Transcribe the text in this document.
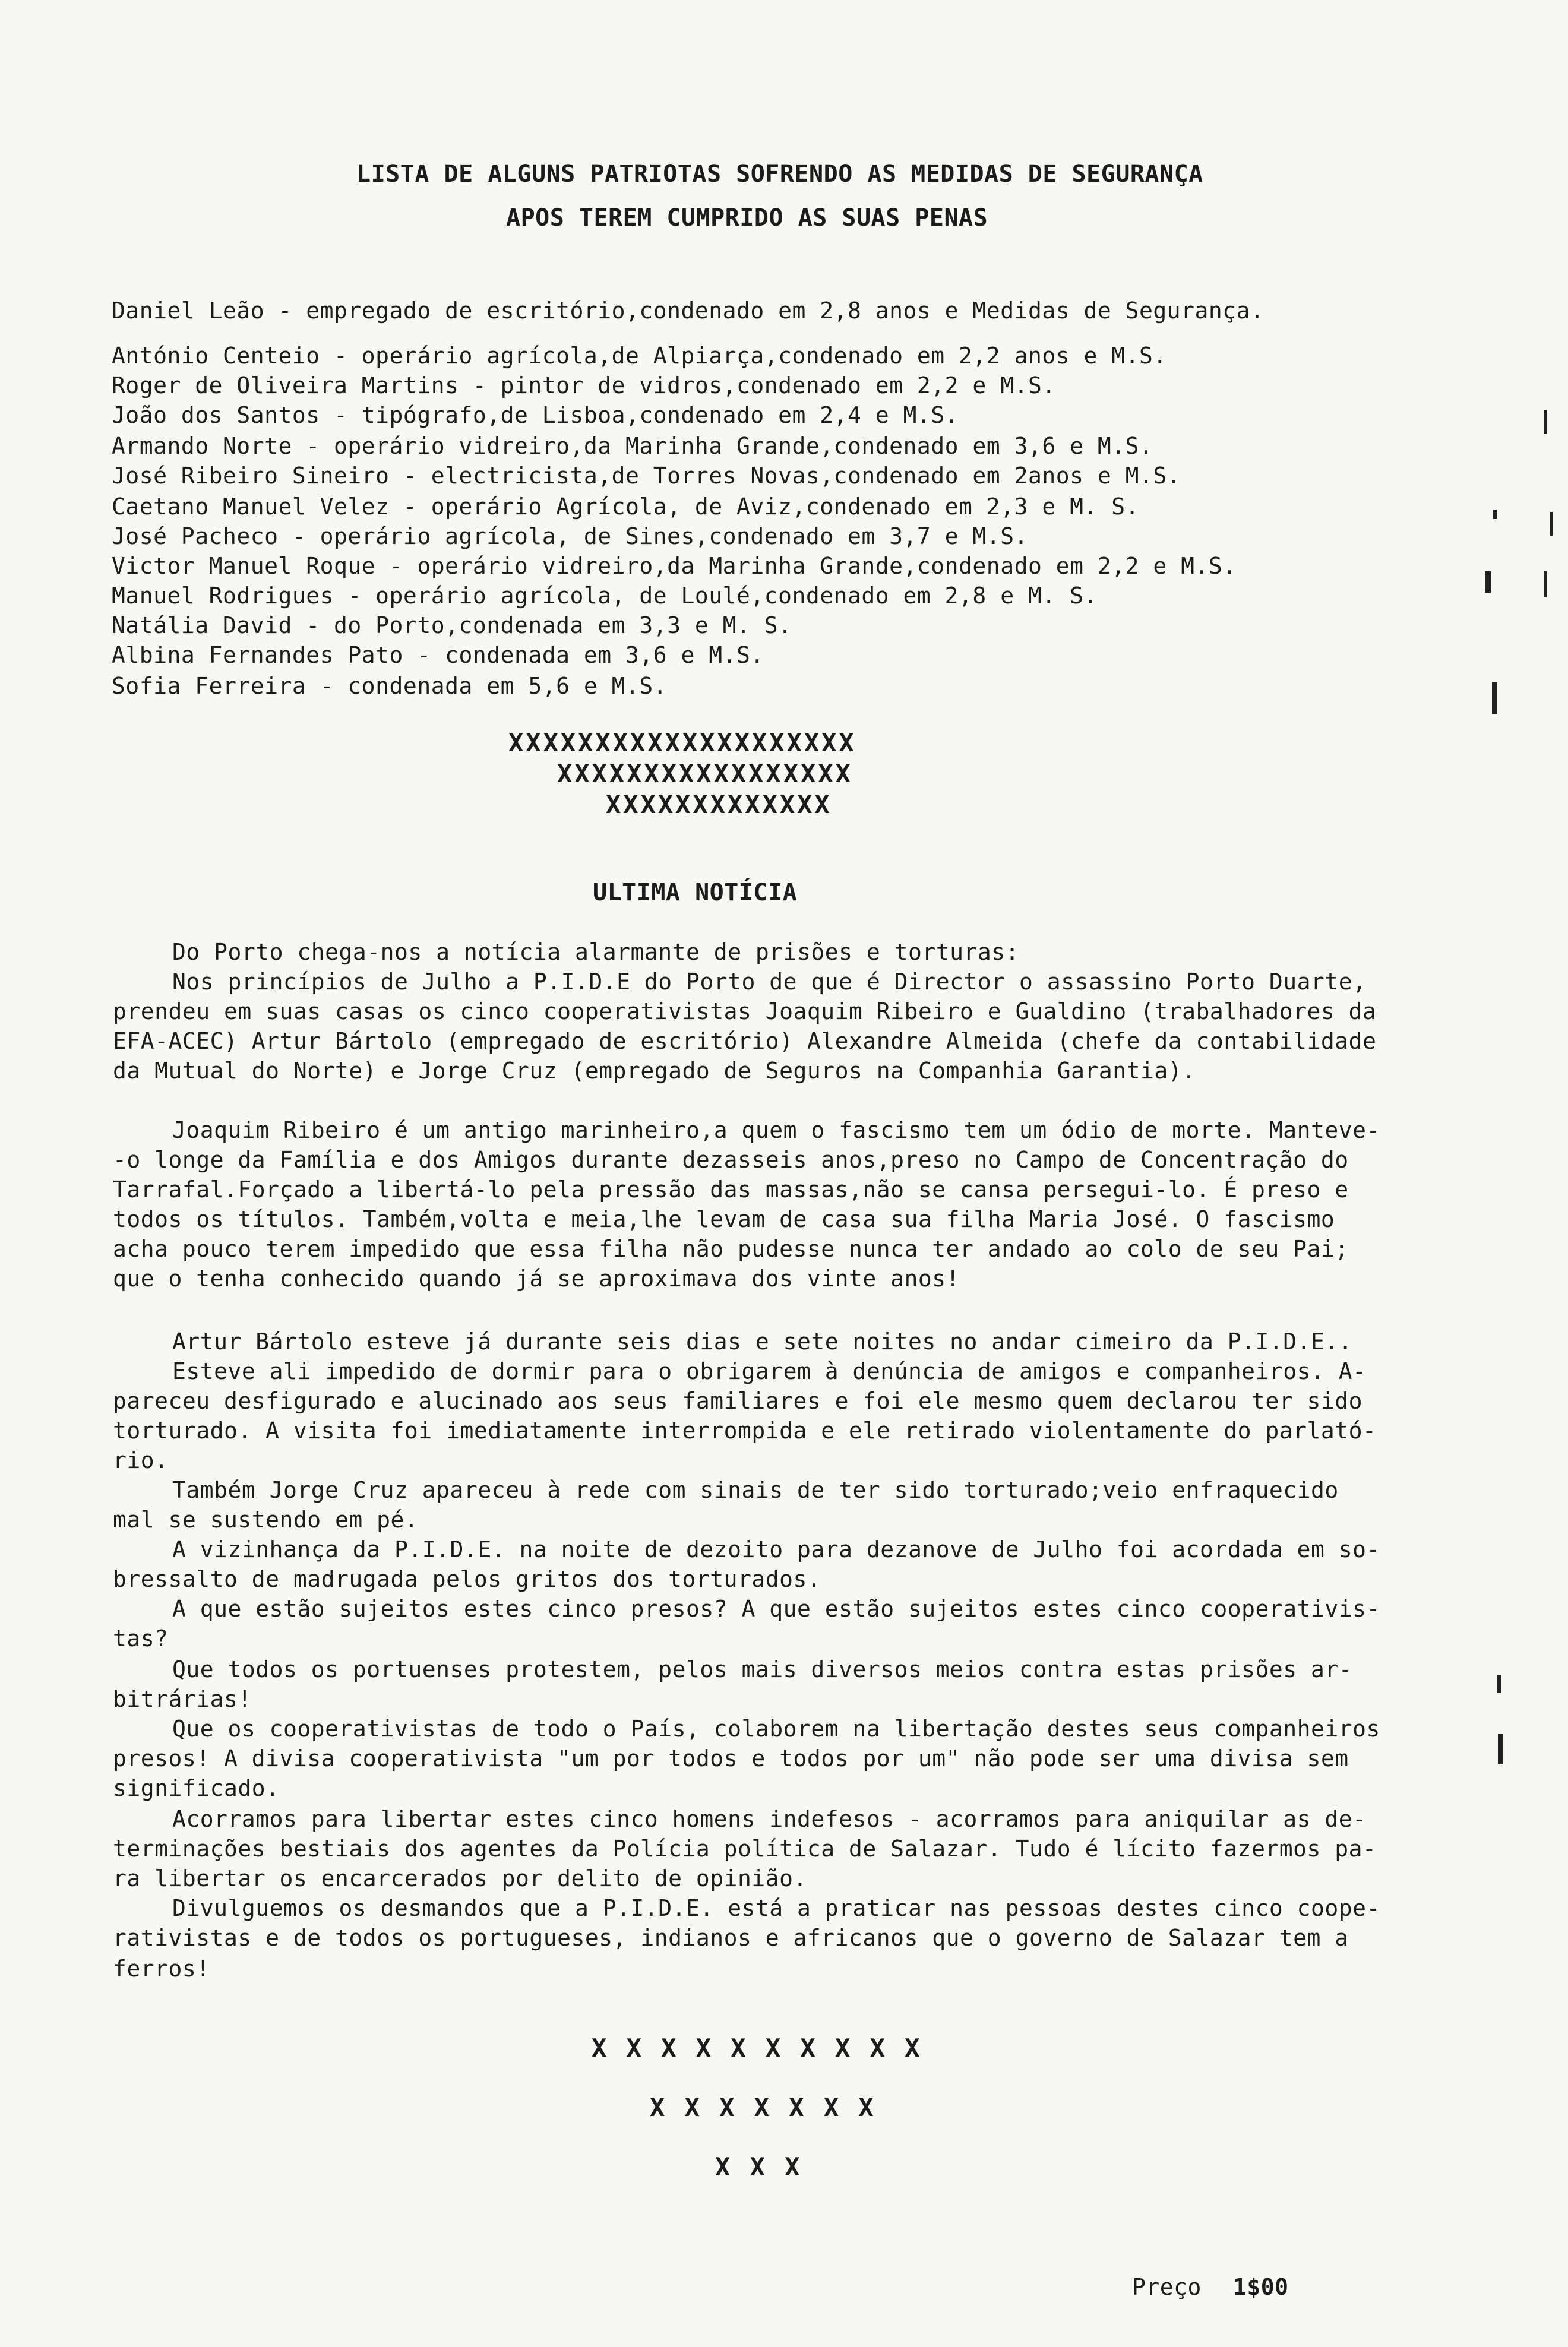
LISTA DE ALGUNS PATRIOTAS SOFRENDO AS MEDIDAS DE SEGURANÇA
APOS TEREM CUMPRIDO AS SUAS PENAS
Daniel Leão - empregado de escritório,condenado em 2,8 anos e Medidas de Segurança.
António Centeio - operário agrícola,de Alpiarça,condenado em 2,2 anos e M.S.
Roger de Oliveira Martins - pintor de vidros,condenado em 2,2 e M.S.
João dos Santos - tipógrafo,de Lisboa,condenado em 2,4 e M.S.
Armando Norte - operário vidreiro,da Marinha Grande,condenado em 3,6 e M.S.
José Ribeiro Sineiro - electricista,de Torres Novas,condenado em 2anos e M.S.
Caetano Manuel Velez - operário Agrícola, de Aviz,condenado em 2,3 e M. S.
José Pacheco - operário agrícola, de Sines,condenado em 3,7 e M.S.
Victor Manuel Roque - operário vidreiro,da Marinha Grande,condenado em 2,2 e M.S.
Manuel Rodrigues - operário agrícola, de Loulé,condenado em 2,8 e M. S.
Natália David - do Porto,condenada em 3,3 e M. S.
Albina Fernandes Pato - condenada em 3,6 e M.S.
Sofia Ferreira - condenada em 5,6 e M.S.
XXXXXXXXXXXXXXXXXXXX
XXXXXXXXXXXXXXXXX
XXXXXXXXXXXXX
ULTIMA NOTÍCIA
Do Porto chega-nos a notícia alarmante de prisões e torturas:
Nos princípios de Julho a P.I.D.E do Porto de que é Director o assassino Porto Duarte,
prendeu em suas casas os cinco cooperativistas Joaquim Ribeiro e Gualdino (trabalhadores da
EFA-ACEC) Artur Bártolo (empregado de escritório) Alexandre Almeida (chefe da contabilidade
da Mutual do Norte) e Jorge Cruz (empregado de Seguros na Companhia Garantia).
Joaquim Ribeiro é um antigo marinheiro,a quem o fascismo tem um ódio de morte. Manteve-
-o longe da Família e dos Amigos durante dezasseis anos,preso no Campo de Concentração do
Tarrafal.Forçado a libertá-lo pela pressão das massas,não se cansa persegui-lo. É preso e
todos os títulos. Também,volta e meia,lhe levam de casa sua filha Maria José. O fascismo
acha pouco terem impedido que essa filha não pudesse nunca ter andado ao colo de seu Pai;
que o tenha conhecido quando já se aproximava dos vinte anos!
Artur Bártolo esteve já durante seis dias e sete noites no andar cimeiro da P.I.D.E..
Esteve ali impedido de dormir para o obrigarem à denúncia de amigos e companheiros. A-
pareceu desfigurado e alucinado aos seus familiares e foi ele mesmo quem declarou ter sido
torturado. A visita foi imediatamente interrompida e ele retirado violentamente do parlató-
rio.
Também Jorge Cruz apareceu à rede com sinais de ter sido torturado;veio enfraquecido
mal se sustendo em pé.
A vizinhança da P.I.D.E. na noite de dezoito para dezanove de Julho foi acordada em so-
bressalto de madrugada pelos gritos dos torturados.
A que estão sujeitos estes cinco presos? A que estão sujeitos estes cinco cooperativis-
tas?
Que todos os portuenses protestem, pelos mais diversos meios contra estas prisões ar-
bitrárias!
Que os cooperativistas de todo o País, colaborem na libertação destes seus companheiros
presos! A divisa cooperativista "um por todos e todos por um" não pode ser uma divisa sem
significado.
Acorramos para libertar estes cinco homens indefesos - acorramos para aniquilar as de-
terminações bestiais dos agentes da Polícia política de Salazar. Tudo é lícito fazermos pa-
ra libertar os encarcerados por delito de opinião.
Divulguemos os desmandos que a P.I.D.E. está a praticar nas pessoas destes cinco coope-
rativistas e de todos os portugueses, indianos e africanos que o governo de Salazar tem a
ferros!
X X X X X X X X X X
X X X X X X X
X X X
Preço 1$00
